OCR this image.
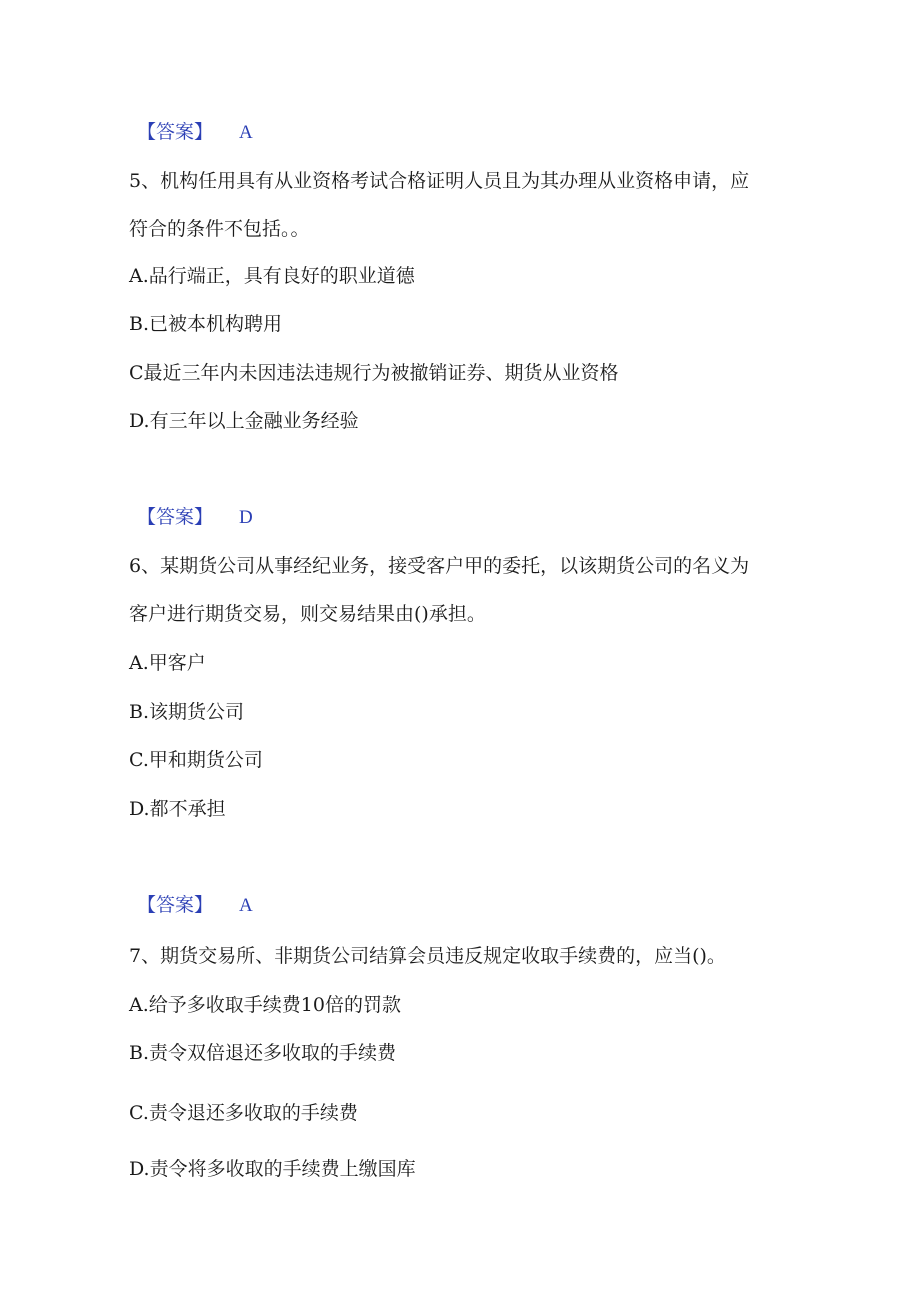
【答案】 A
5、机构任用具有从业资格考试合格证明人员且为其办理从业资格申请，应
符合的条件不包括。。
A.品行端正，具有良好的职业道德
B.已被本机构聘用
C最近三年内未因违法违规行为被撤销证券、期货从业资格
D.有三年以上金融业务经验
【答案】 D
6、某期货公司从事经纪业务，接受客户甲的委托，以该期货公司的名义为
客户进行期货交易，则交易结果由()承担。
A.甲客户
B.该期货公司
C.甲和期货公司
D.都不承担
【答案】 A
7、期货交易所、非期货公司结算会员违反规定收取手续费的，应当()。
A.给予多收取手续费10倍的罚款
B.责令双倍退还多收取的手续费
C.责令退还多收取的手续费
D.责令将多收取的手续费上缴国库
